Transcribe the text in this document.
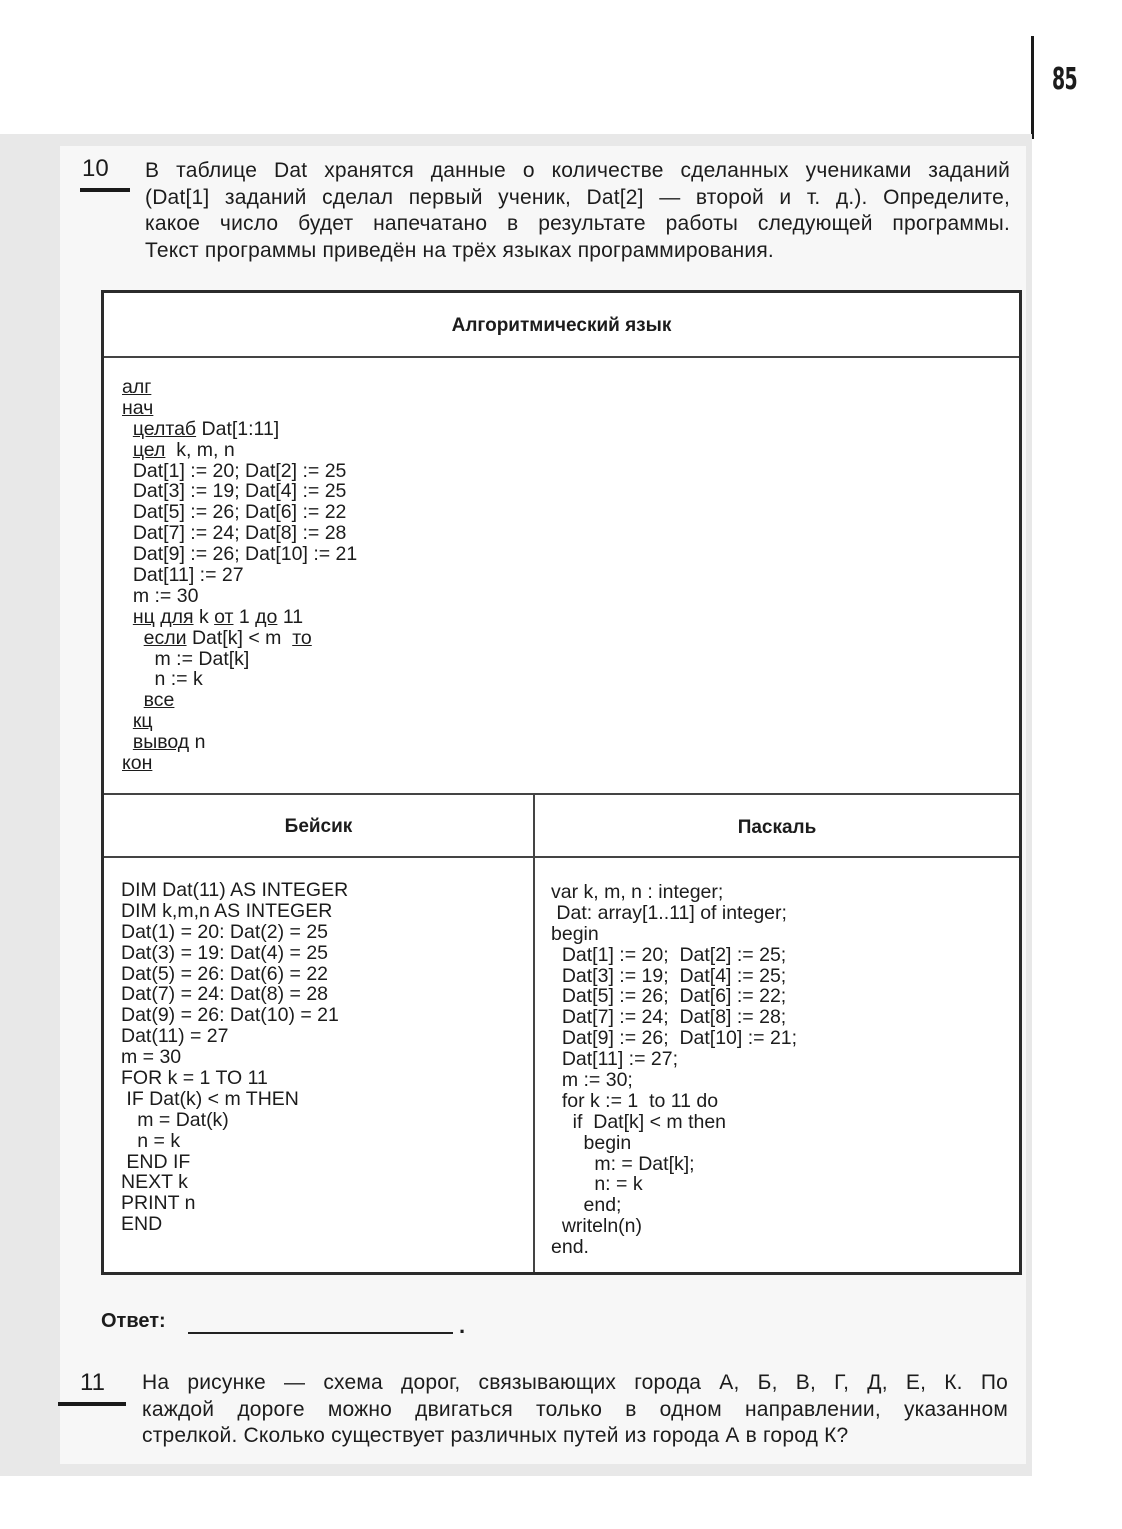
85
10 В таблице Dat хранятся данные о количестве сделанных учениками заданий

(Dat[1] заданий сделал первый ученик, Dat[2] — второй и т. д.). Определите,

какое число будет напечатано в результате работы следующей программы.

Текст программы приведён на трёх языках программирования.

Алгоритмический язык
алг
нач
целтаб Dat[1:11]
цел  k, m, n
Dat[1] := 20; Dat[2] := 25
Dat[3] := 19; Dat[4] := 25
Dat[5] := 26; Dat[6] := 22
Dat[7] := 24; Dat[8] := 28
Dat[9] := 26; Dat[10] := 21
Dat[11] := 27
m := 30
нц для k от 1 до 11
если Dat[k] < m  то
m := Dat[k]
n := k
все
кц
вывод n
кон
Бейсик	Паскаль
DIM Dat(11) AS INTEGER
DIM k,m,n AS INTEGER
Dat(1) = 20: Dat(2) = 25
Dat(3) = 19: Dat(4) = 25
Dat(5) = 26: Dat(6) = 22
Dat(7) = 24: Dat(8) = 28
Dat(9) = 26: Dat(10) = 21
Dat(11) = 27
m = 30
FOR k = 1 TO 11
IF Dat(k) < m THEN
m = Dat(k)
n = k
END IF
NEXT k
PRINT n
END
var k, m, n : integer;
Dat: array[1..11] of integer;
begin
Dat[1] := 20;  Dat[2] := 25;
Dat[3] := 19;  Dat[4] := 25;
Dat[5] := 26;  Dat[6] := 22;
Dat[7] := 24;  Dat[8] := 28;
Dat[9] := 26;  Dat[10] := 21;
Dat[11] := 27;
m := 30;
for k := 1  to 11 do
if  Dat[k] < m then
begin
m: = Dat[k];
n: = k
end;
writeln(n)
end.
Ответ:	.
11 На рисунке — схема дорог, связывающих города А, Б, В, Г, Д, Е, К. По

каждой дороге можно двигаться только в одном направлении, указанном

стрелкой. Сколько существует различных путей из города А в город К?
